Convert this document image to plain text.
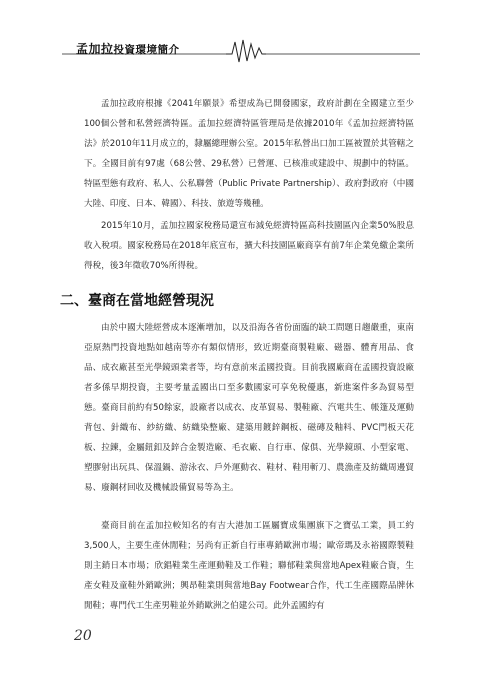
孟加拉投資環境簡介

孟加拉政府根據《2041年願景》希望成為已開發國家，政府計劃在全國建立至少100個公營和私營經濟特區。孟加拉經濟特區管理局是依據2010年《孟加拉經濟特區法》於2010年11月成立的，隸屬總理辦公室。2015年私營出口加工區被置於其管轄之下。全國目前有97處（68公營、29私營）已營運、已核准或建設中、規劃中的特區。特區型態有政府、私人、公私聯營（Public Private Partnership）、政府對政府（中國大陸、印度、日本、韓國）、科技、旅遊等幾種。

2015年10月，孟加拉國家稅務局還宣布減免經濟特區高科技園區內企業50%股息收入稅項。國家稅務局在2018年底宣布，擴大科技園區廠商享有前7年企業免繳企業所得稅，後3年徵收70%所得稅。

二、臺商在當地經營現況

由於中國大陸經營成本逐漸增加，以及沿海各省份面臨的缺工問題日趨嚴重，東南亞原熱門投資地點如越南等亦有類似情形，致近期臺商製鞋廠、磁器、體育用品、食品、成衣廠甚至光學鏡頭業者等，均有意前來孟國投資。目前我國廠商在孟國投資設廠者多係早期投資，主要考量孟國出口至多數國家可享免稅優惠，新進案件多為貿易型態。臺商目前約有50餘家，設廠者以成衣、皮革貿易、製鞋廠、汽電共生、帳篷及運動背包、針織布、紗紡織、紡織染整廠、建築用鍍鋅鋼板、磁磚及釉料、PVC門板天花板、拉鍊，金屬鈕釦及鋅合金製造廠、毛衣廠、自行車、傢俱、光學鏡頭、小型家電、塑膠射出玩具、保溫鍋、游泳衣、戶外運動衣、鞋材、鞋用斬刀、農漁產及紡織周邊貿易、廢鋼材回收及機械設備貿易等為主。

臺商目前在孟加拉較知名的有吉大港加工區屬寶成集團旗下之寶弘工業，員工約3,500人，主要生產休閒鞋；另尚有正新自行車專銷歐洲市場；歐帝瑪及永裕國際製鞋則主銷日本市場；欣錩鞋業生產運動鞋及工作鞋；聯郁鞋業與當地Apex鞋廠合資，生產女鞋及童鞋外銷歐洲；興昂鞋業則與當地Bay Footwear合作，代工生產國際品牌休閒鞋；專門代工生產男鞋並外銷歐洲之伯建公司。此外孟國約有

20
